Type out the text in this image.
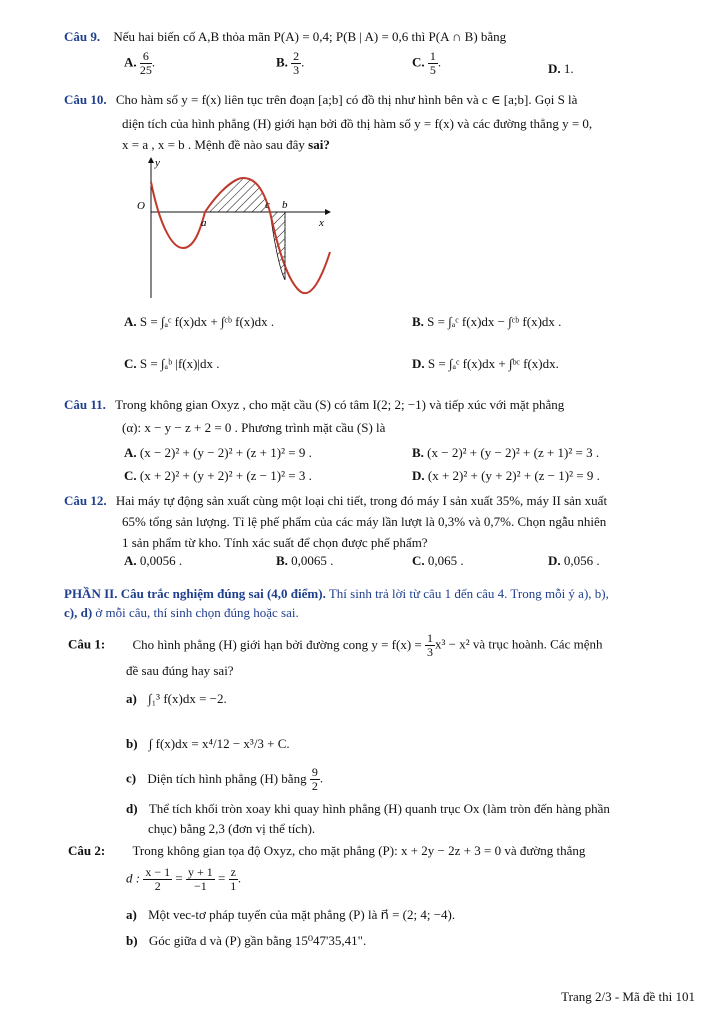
Câu 9. Nếu hai biến cố A,B thỏa mãn P(A) = 0,4; P(B | A) = 0,6 thì P(A ∩ B) bằng
A. $\frac{6}{25}$ .	B. $\frac{2}{3}$ .	C. $\frac{1}{5}$ .	D. 1.
Câu 10. Cho hàm số y = f(x) liên tục trên đoạn [a;b] có đồ thị như hình bên và c ∈ [a;b]. Gọi S là
diện tích của hình phẳng (H) giới hạn bởi đồ thị hàm số y = f(x) và các đường thẳng y = 0,
x = a , x = b . Mệnh đề nào sau đây sai?
y
x
O
a
c b
A. S = ∫ₐᶜ f(x)dx + ∫ᶜᵇ f(x)dx .	B. S = ∫ₐᶜ f(x)dx − ∫ᶜᵇ f(x)dx .
C. S = ∫ₐᵇ |f(x)|dx .	D. S = ∫ₐᶜ f(x)dx + ∫ᵇᶜ f(x)dx.
Câu 11. Trong không gian Oxyz , cho mặt cầu (S) có tâm I(2; 2; −1) và tiếp xúc với mặt phẳng
(α): x − y − z + 2 = 0 . Phương trình mặt cầu (S) là
A. (x − 2)² + (y − 2)² + (z + 1)² = 9 .	B. (x − 2)² + (y − 2)² + (z + 1)² = 3 .
C. (x + 2)² + (y + 2)² + (z − 1)² = 3 .	D. (x + 2)² + (y + 2)² + (z − 1)² = 9 .
Câu 12. Hai máy tự động sản xuất cùng một loại chi tiết, trong đó máy I sản xuất 35%, máy II sản xuất
65% tổng sản lượng. Tỉ lệ phế phẩm của các máy lần lượt là 0,3% và 0,7%. Chọn ngẫu nhiên
1 sản phẩm từ kho. Tính xác suất để chọn được phế phẩm?
A. 0,0056 .	B. 0,0065 .	C. 0,065 .	D. 0,056 .
PHẦN II. Câu trắc nghiệm đúng sai (4,0 điểm). Thí sinh trả lời từ câu 1 đến câu 4. Trong mỗi ý a), b),
c), d) ở mỗi câu, thí sinh chọn đúng hoặc sai.
Câu 1: Cho hình phẳng (H) giới hạn bởi đường cong $y = f(x) = \frac{1}{3} x^3 - x^2$ và trục hoành. Các mệnh
đề sau đúng hay sai?
a) ∫₁³ f(x)dx = −2.
b) ∫ f(x)dx = x⁴/12 − x³/3 + C.
c) Diện tích hình phẳng (H) bằng $\frac{9}{2}$ .
d) Thể tích khối tròn xoay khi quay hình phẳng (H) quanh trục Ox (làm tròn đến hàng phần
chục) bằng 2,3 (đơn vị thể tích).
Câu 2: Trong không gian tọa độ Oxyz, cho mặt phẳng (P): x + 2y − 2z + 3 = 0 và đường thẳng
d : $\frac{x - 1}{2} = \frac{y + 1}{-1} = \frac{z}{1}$ .
a) Một vec-tơ pháp tuyến của mặt phẳng (P) là n⃗ = (2; 4; −4).
b) Góc giữa d và (P) gần bằng 15⁰47'35,41".
Trang 2/3 - Mã đề thi 101
